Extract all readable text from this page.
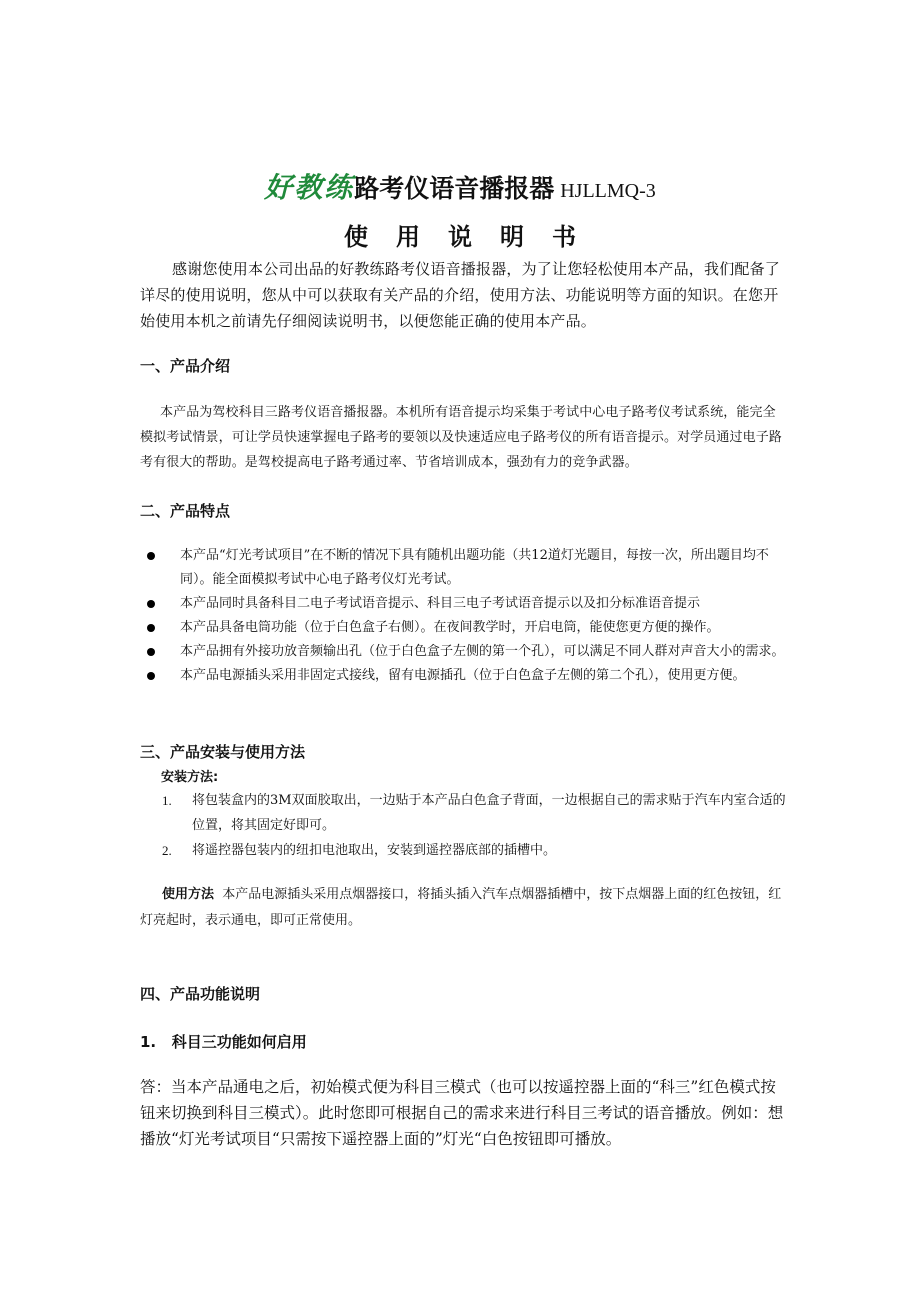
好教练路考仪语音播报器 HJLLMQ-3
使 用 说 明 书
感谢您使用本公司出品的好教练路考仪语音播报器，为了让您轻松使用本产品，我们配备了详尽的使用说明，您从中可以获取有关产品的介绍，使用方法、功能说明等方面的知识。在您开始使用本机之前请先仔细阅读说明书，以便您能正确的使用本产品。
一、产品介绍
本产品为驾校科目三路考仪语音播报器。本机所有语音提示均采集于考试中心电子路考仪考试系统，能完全模拟考试情景，可让学员快速掌握电子路考的要领以及快速适应电子路考仪的所有语音提示。对学员通过电子路考有很大的帮助。是驾校提高电子路考通过率、节省培训成本，强劲有力的竞争武器。
二、产品特点
本产品“灯光考试项目”在不断的情况下具有随机出题功能（共12道灯光题目，每按一次，所出题目均不同）。能全面模拟考试中心电子路考仪灯光考试。
本产品同时具备科目二电子考试语音提示、科目三电子考试语音提示以及扣分标准语音提示
本产品具备电筒功能（位于白色盒子右侧）。在夜间教学时，开启电筒，能使您更方便的操作。
本产品拥有外接功放音频输出孔（位于白色盒子左侧的第一个孔），可以满足不同人群对声音大小的需求。
本产品电源插头采用非固定式接线，留有电源插孔（位于白色盒子左侧的第二个孔），使用更方便。
三、产品安装与使用方法
安装方法:
1. 将包装盒内的3M双面胶取出，一边贴于本产品白色盒子背面，一边根据自己的需求贴于汽车内室合适的位置，将其固定好即可。
2. 将遥控器包装内的纽扣电池取出，安装到遥控器底部的插槽中。
使用方法 本产品电源插头采用点烟器接口，将插头插入汽车点烟器插槽中，按下点烟器上面的红色按钮，红灯亮起时，表示通电，即可正常使用。
四、产品功能说明
1.   科目三功能如何启用
答：当本产品通电之后，初始模式便为科目三模式（也可以按遥控器上面的“科三”红色模式按钮来切换到科目三模式）。此时您即可根据自己的需求来进行科目三考试的语音播放。例如：想播放“灯光考试项目“只需按下遥控器上面的”灯光“白色按钮即可播放。
